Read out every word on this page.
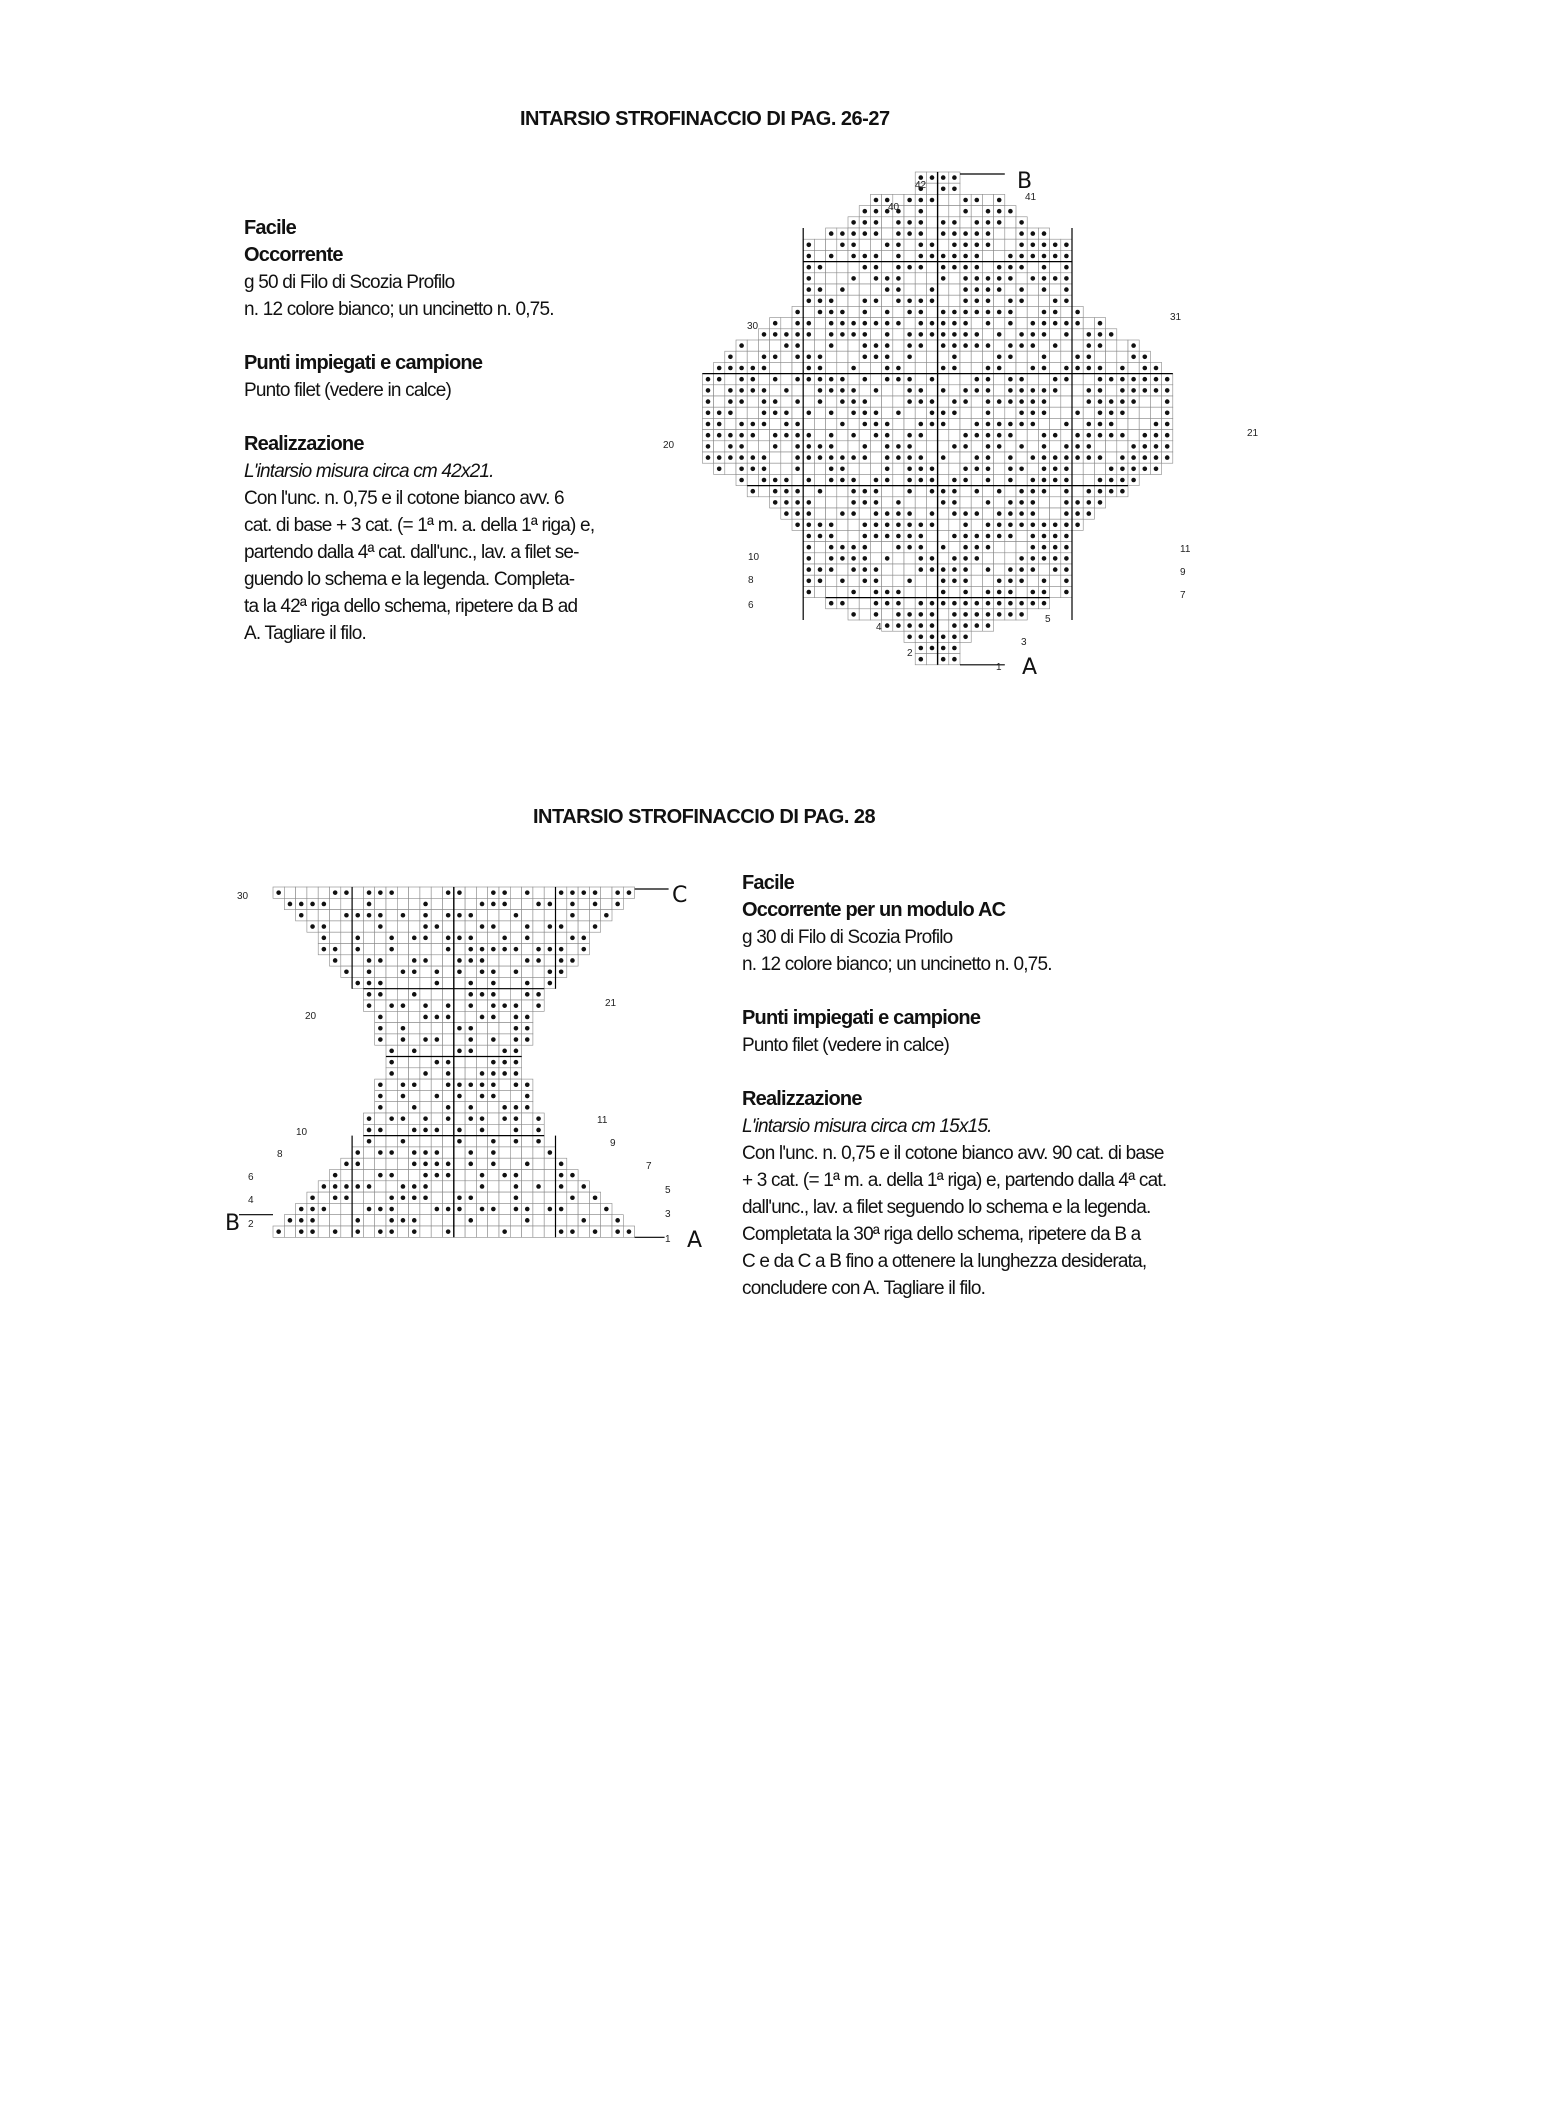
INTARSIO STROFINACCIO DI PAG. 26-27

Facile

Occorrente

g 50 di Filo di Scozia Profilo

n. 12 colore bianco; un uncinetto n. 0,75.

Punti impiegati e campione

Punto filet (vedere in calce)

Realizzazione

L'intarsio misura circa cm 42x21.

Con l'unc. n. 0,75 e il cotone bianco avv. 6

cat. di base + 3 cat. (= 1ª m. a. della 1ª riga) e,

partendo dalla 4ª cat. dall'unc., lav. a filet se-

guendo lo schema e la legenda. Completa-

ta la 42ª riga dello schema, ripetere da B ad

A. Tagliare il filo.

42
41
40
31
30
21
20
11
10
9
8
7
6
5
4
3
2
1
B
A
INTARSIO STROFINACCIO DI PAG. 28
30
21
20
11
10
9
8
7
6
5
4
3
2
1
C
B
A

Facile

Occorrente per un modulo AC

g 30 di Filo di Scozia Profilo

n. 12 colore bianco; un uncinetto n. 0,75.

Punti impiegati e campione

Punto filet (vedere in calce)

Realizzazione

L'intarsio misura circa cm 15x15.

Con l'unc. n. 0,75 e il cotone bianco avv. 90 cat. di base

+ 3 cat. (= 1ª m. a. della 1ª riga) e, partendo dalla 4ª cat.

dall'unc., lav. a filet seguendo lo schema e la legenda.

Completata la 30ª riga dello schema, ripetere da B a

C e da C a B fino a ottenere la lunghezza desiderata,

concludere con A. Tagliare il filo.
